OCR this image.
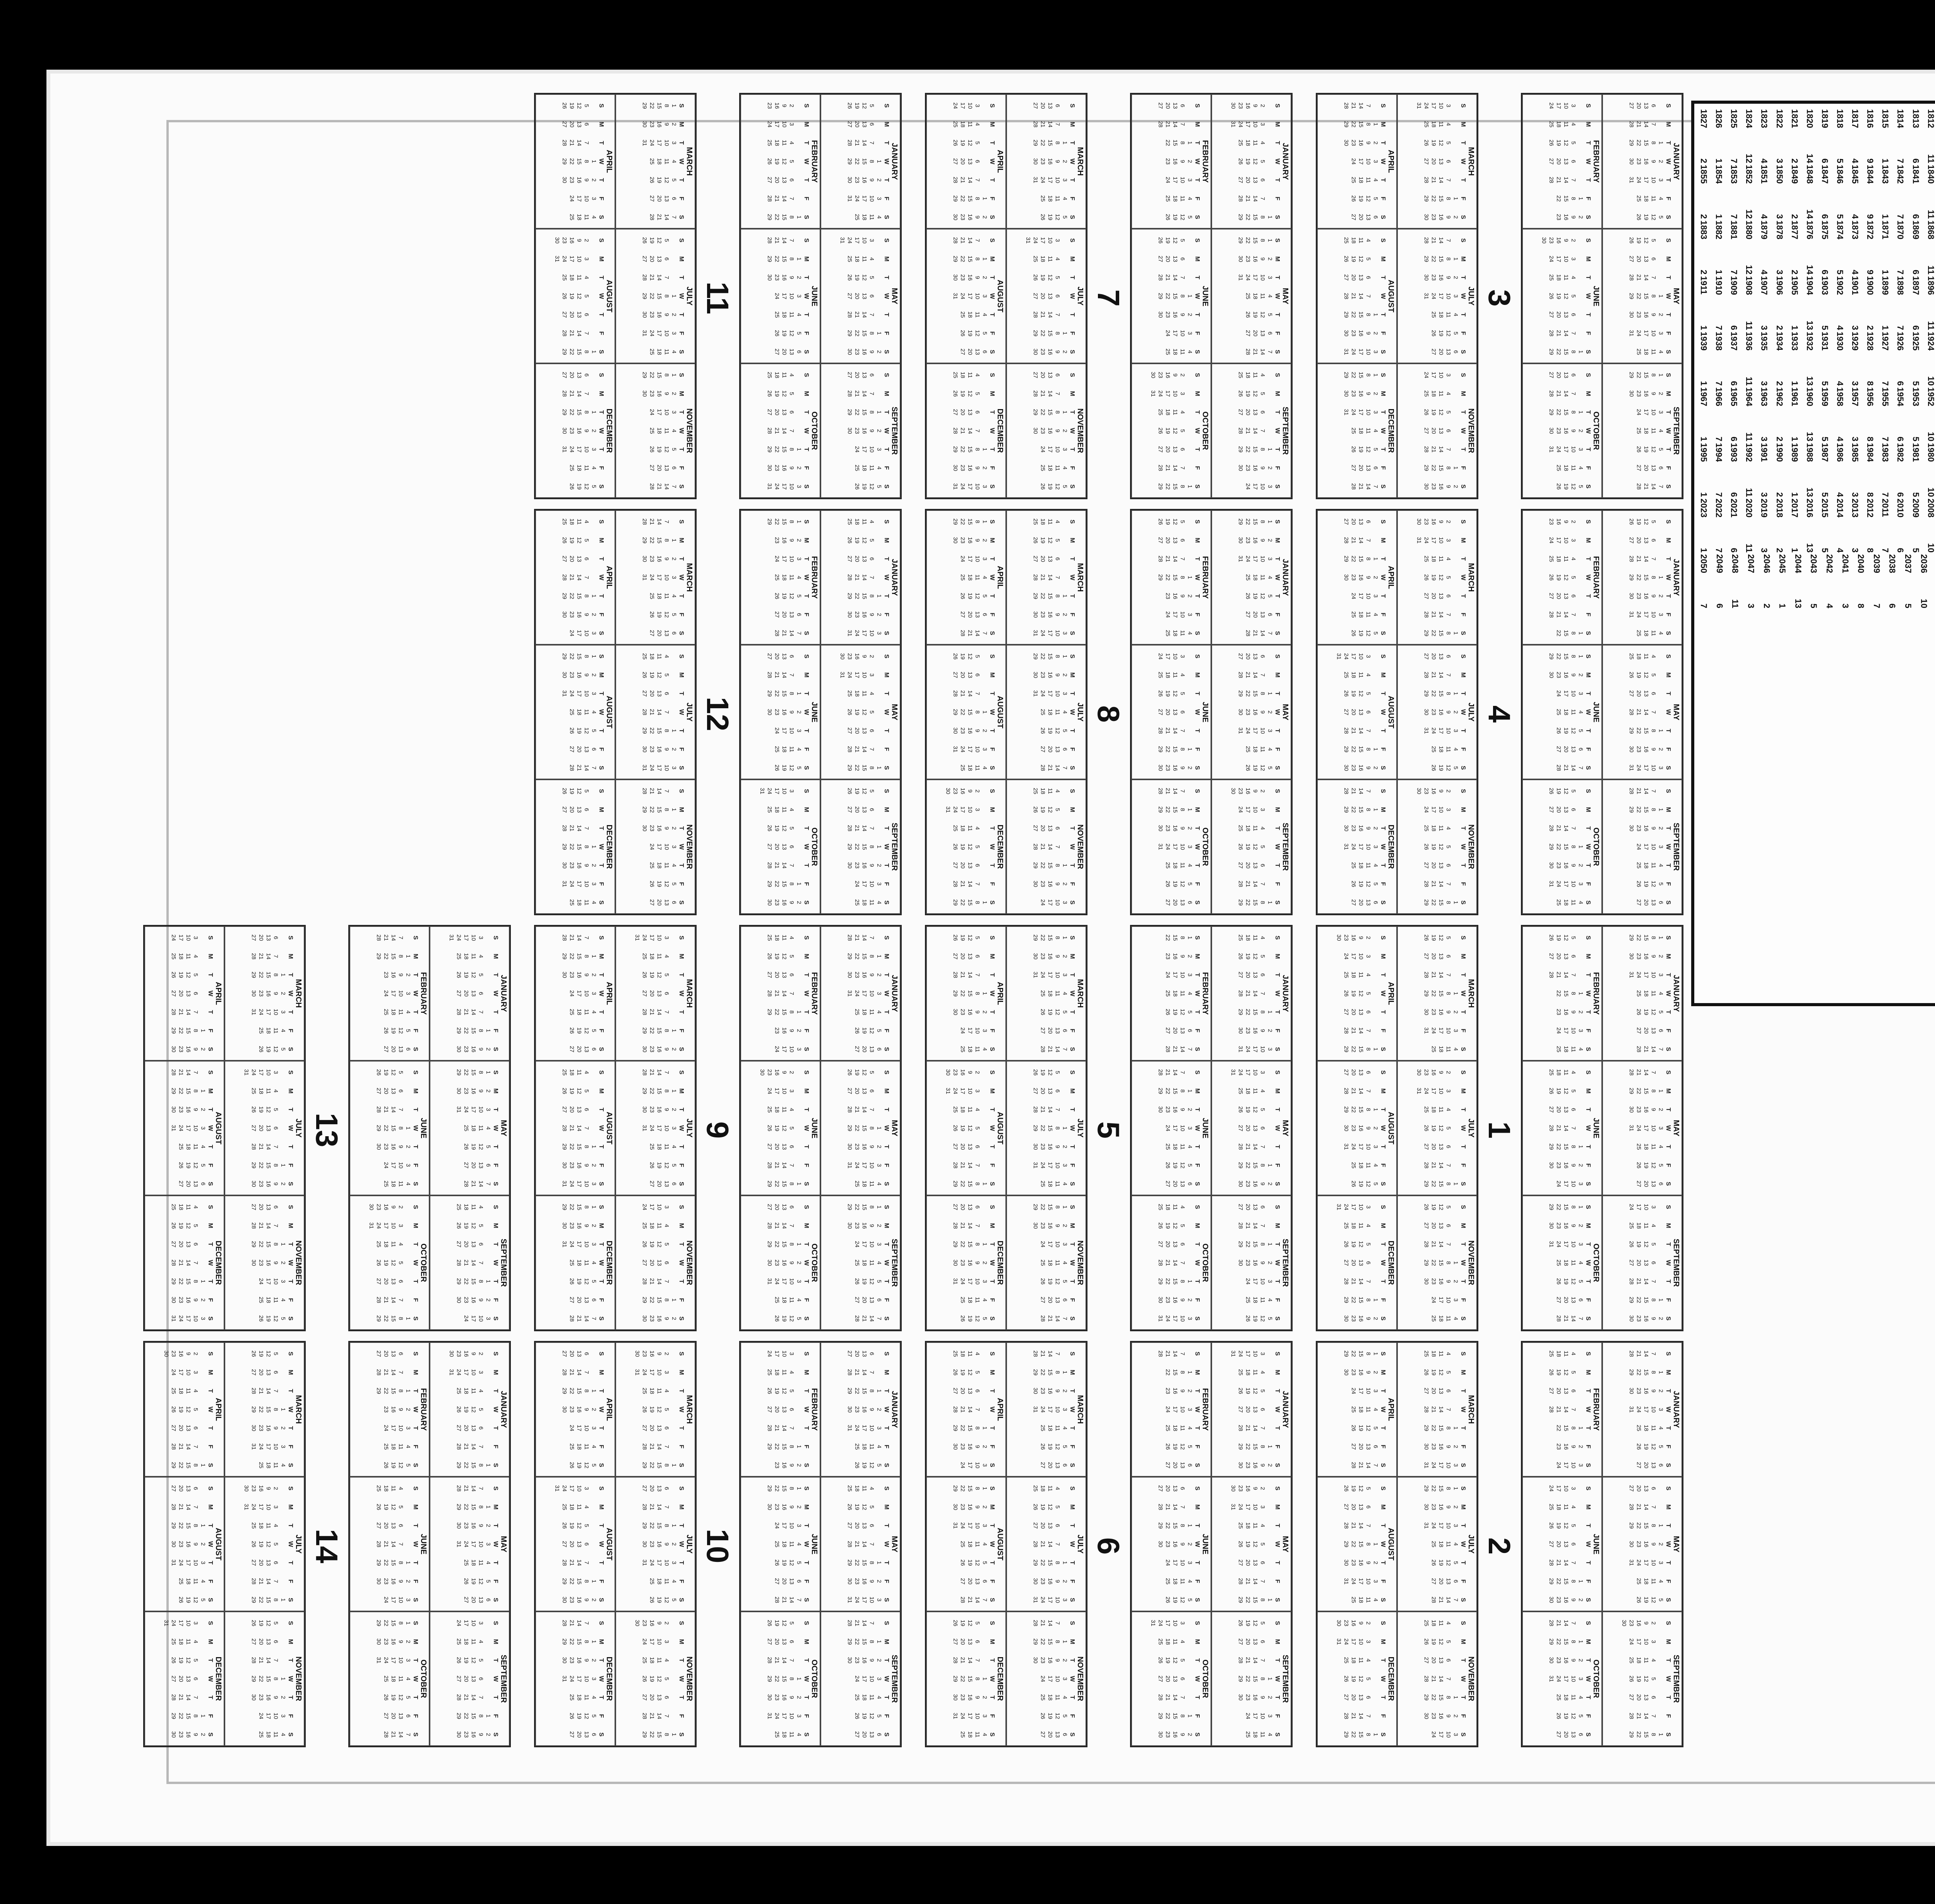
1812
11
1813
6
1814
7
1815
1
1816
9
1817
4
1818
5
1819
6
1820
14
1821
2
1822
3
1823
4
1824
12
1825
7
1826
1
1827
2
1840
11
1841
6
1842
7
1843
1
1844
9
1845
4
1846
5
1847
6
1848
14
1849
2
1850
3
1851
4
1852
12
1853
7
1854
1
1855
2
1868
11
1869
6
1870
7
1871
1
1872
9
1873
4
1874
5
1875
6
1876
14
1877
2
1878
3
1879
4
1880
12
1881
7
1882
1
1883
2
1896
11
1897
6
1898
7
1899
1
1900
2
1901
3
1902
4
1903
5
1904
13
1905
1
1906
2
1907
3
1908
11
1909
6
1910
7
1911
1
1924
10
1925
5
1926
6
1927
7
1928
8
1929
3
1930
4
1931
5
1932
13
1933
1
1934
2
1935
3
1936
11
1937
6
1938
7
1939
1
1952
10
1953
5
1954
6
1955
7
1956
8
1957
3
1958
4
1959
5
1960
13
1961
1
1962
2
1963
3
1964
11
1965
6
1966
7
1967
1
1980
10
1981
5
1982
6
1983
7
1984
8
1985
3
1986
4
1987
5
1988
13
1989
1
1990
2
1991
3
1992
11
1993
6
1994
7
1995
1
2008
10
2009
5
2010
6
2011
7
2012
8
2013
3
2014
4
2015
5
2016
13
2017
1
2018
2
2019
3
2020
11
2021
6
2022
7
2023
1
2036
10
2037
5
2038
6
2039
7
2040
8
2041
3
2042
4
2043
5
2044
13
2045
1
2046
2
2047
3
2048
11
2049
6
2050
7
1
JANUARY
S
M
T
W
T
F
S
1
2
3
4
5
6
7
8
9
10
11
12
13
14
15
16
17
18
19
20
21
22
23
24
25
26
27
28
29
30
31
MAY
S
M
T
W
T
F
S
1
2
3
4
5
6
7
8
9
10
11
12
13
14
15
16
17
18
19
20
21
22
23
24
25
26
27
28
29
30
31
SEPTEMBER
S
M
T
W
T
F
S
1
2
3
4
5
6
7
8
9
10
11
12
13
14
15
16
17
18
19
20
21
22
23
24
25
26
27
28
29
30
FEBRUARY
S
M
T
W
T
F
S
1
2
3
4
5
6
7
8
9
10
11
12
13
14
15
16
17
18
19
20
21
22
23
24
25
26
27
28
JUNE
S
M
T
W
T
F
S
1
2
3
4
5
6
7
8
9
10
11
12
13
14
15
16
17
18
19
20
21
22
23
24
25
26
27
28
29
30
OCTOBER
S
M
T
W
T
F
S
1
2
3
4
5
6
7
8
9
10
11
12
13
14
15
16
17
18
19
20
21
22
23
24
25
26
27
28
29
30
31
MARCH
S
M
T
W
T
F
S
1
2
3
4
5
6
7
8
9
10
11
12
13
14
15
16
17
18
19
20
21
22
23
24
25
26
27
28
29
30
31
JULY
S
M
T
W
T
F
S
1
2
3
4
5
6
7
8
9
10
11
12
13
14
15
16
17
18
19
20
21
22
23
24
25
26
27
28
29
30
31
NOVEMBER
S
M
T
W
T
F
S
1
2
3
4
5
6
7
8
9
10
11
12
13
14
15
16
17
18
19
20
21
22
23
24
25
26
27
28
29
30
APRIL
S
M
T
W
T
F
S
1
2
3
4
5
6
7
8
9
10
11
12
13
14
15
16
17
18
19
20
21
22
23
24
25
26
27
28
29
30
AUGUST
S
M
T
W
T
F
S
1
2
3
4
5
6
7
8
9
10
11
12
13
14
15
16
17
18
19
20
21
22
23
24
25
26
27
28
29
30
31
DECEMBER
S
M
T
W
T
F
S
1
2
3
4
5
6
7
8
9
10
11
12
13
14
15
16
17
18
19
20
21
22
23
24
25
26
27
28
29
30
31
2
JANUARY
S
M
T
W
T
F
S
1
2
3
4
5
6
7
8
9
10
11
12
13
14
15
16
17
18
19
20
21
22
23
24
25
26
27
28
29
30
31
MAY
S
M
T
W
T
F
S
1
2
3
4
5
6
7
8
9
10
11
12
13
14
15
16
17
18
19
20
21
22
23
24
25
26
27
28
29
30
31
SEPTEMBER
S
M
T
W
T
F
S
1
2
3
4
5
6
7
8
9
10
11
12
13
14
15
16
17
18
19
20
21
22
23
24
25
26
27
28
29
30
FEBRUARY
S
M
T
W
T
F
S
1
2
3
4
5
6
7
8
9
10
11
12
13
14
15
16
17
18
19
20
21
22
23
24
25
26
27
28
JUNE
S
M
T
W
T
F
S
1
2
3
4
5
6
7
8
9
10
11
12
13
14
15
16
17
18
19
20
21
22
23
24
25
26
27
28
29
30
OCTOBER
S
M
T
W
T
F
S
1
2
3
4
5
6
7
8
9
10
11
12
13
14
15
16
17
18
19
20
21
22
23
24
25
26
27
28
29
30
31
MARCH
S
M
T
W
T
F
S
1
2
3
4
5
6
7
8
9
10
11
12
13
14
15
16
17
18
19
20
21
22
23
24
25
26
27
28
29
30
31
JULY
S
M
T
W
T
F
S
1
2
3
4
5
6
7
8
9
10
11
12
13
14
15
16
17
18
19
20
21
22
23
24
25
26
27
28
29
30
31
NOVEMBER
S
M
T
W
T
F
S
1
2
3
4
5
6
7
8
9
10
11
12
13
14
15
16
17
18
19
20
21
22
23
24
25
26
27
28
29
30
APRIL
S
M
T
W
T
F
S
1
2
3
4
5
6
7
8
9
10
11
12
13
14
15
16
17
18
19
20
21
22
23
24
25
26
27
28
29
30
AUGUST
S
M
T
W
T
F
S
1
2
3
4
5
6
7
8
9
10
11
12
13
14
15
16
17
18
19
20
21
22
23
24
25
26
27
28
29
30
31
DECEMBER
S
M
T
W
T
F
S
1
2
3
4
5
6
7
8
9
10
11
12
13
14
15
16
17
18
19
20
21
22
23
24
25
26
27
28
29
30
31
3
JANUARY
S
M
T
W
T
F
S
1
2
3
4
5
6
7
8
9
10
11
12
13
14
15
16
17
18
19
20
21
22
23
24
25
26
27
28
29
30
31
MAY
S
M
T
W
T
F
S
1
2
3
4
5
6
7
8
9
10
11
12
13
14
15
16
17
18
19
20
21
22
23
24
25
26
27
28
29
30
31
SEPTEMBER
S
M
T
W
T
F
S
1
2
3
4
5
6
7
8
9
10
11
12
13
14
15
16
17
18
19
20
21
22
23
24
25
26
27
28
29
30
FEBRUARY
S
M
T
W
T
F
S
1
2
3
4
5
6
7
8
9
10
11
12
13
14
15
16
17
18
19
20
21
22
23
24
25
26
27
28
JUNE
S
M
T
W
T
F
S
1
2
3
4
5
6
7
8
9
10
11
12
13
14
15
16
17
18
19
20
21
22
23
24
25
26
27
28
29
30
OCTOBER
S
M
T
W
T
F
S
1
2
3
4
5
6
7
8
9
10
11
12
13
14
15
16
17
18
19
20
21
22
23
24
25
26
27
28
29
30
31
MARCH
S
M
T
W
T
F
S
1
2
3
4
5
6
7
8
9
10
11
12
13
14
15
16
17
18
19
20
21
22
23
24
25
26
27
28
29
30
31
JULY
S
M
T
W
T
F
S
1
2
3
4
5
6
7
8
9
10
11
12
13
14
15
16
17
18
19
20
21
22
23
24
25
26
27
28
29
30
31
NOVEMBER
S
M
T
W
T
F
S
1
2
3
4
5
6
7
8
9
10
11
12
13
14
15
16
17
18
19
20
21
22
23
24
25
26
27
28
29
30
APRIL
S
M
T
W
T
F
S
1
2
3
4
5
6
7
8
9
10
11
12
13
14
15
16
17
18
19
20
21
22
23
24
25
26
27
28
29
30
AUGUST
S
M
T
W
T
F
S
1
2
3
4
5
6
7
8
9
10
11
12
13
14
15
16
17
18
19
20
21
22
23
24
25
26
27
28
29
30
31
DECEMBER
S
M
T
W
T
F
S
1
2
3
4
5
6
7
8
9
10
11
12
13
14
15
16
17
18
19
20
21
22
23
24
25
26
27
28
29
30
31
4
JANUARY
S
M
T
W
T
F
S
1
2
3
4
5
6
7
8
9
10
11
12
13
14
15
16
17
18
19
20
21
22
23
24
25
26
27
28
29
30
31
MAY
S
M
T
W
T
F
S
1
2
3
4
5
6
7
8
9
10
11
12
13
14
15
16
17
18
19
20
21
22
23
24
25
26
27
28
29
30
31
SEPTEMBER
S
M
T
W
T
F
S
1
2
3
4
5
6
7
8
9
10
11
12
13
14
15
16
17
18
19
20
21
22
23
24
25
26
27
28
29
30
FEBRUARY
S
M
T
W
T
F
S
1
2
3
4
5
6
7
8
9
10
11
12
13
14
15
16
17
18
19
20
21
22
23
24
25
26
27
28
JUNE
S
M
T
W
T
F
S
1
2
3
4
5
6
7
8
9
10
11
12
13
14
15
16
17
18
19
20
21
22
23
24
25
26
27
28
29
30
OCTOBER
S
M
T
W
T
F
S
1
2
3
4
5
6
7
8
9
10
11
12
13
14
15
16
17
18
19
20
21
22
23
24
25
26
27
28
29
30
31
MARCH
S
M
T
W
T
F
S
1
2
3
4
5
6
7
8
9
10
11
12
13
14
15
16
17
18
19
20
21
22
23
24
25
26
27
28
29
30
31
JULY
S
M
T
W
T
F
S
1
2
3
4
5
6
7
8
9
10
11
12
13
14
15
16
17
18
19
20
21
22
23
24
25
26
27
28
29
30
31
NOVEMBER
S
M
T
W
T
F
S
1
2
3
4
5
6
7
8
9
10
11
12
13
14
15
16
17
18
19
20
21
22
23
24
25
26
27
28
29
30
APRIL
S
M
T
W
T
F
S
1
2
3
4
5
6
7
8
9
10
11
12
13
14
15
16
17
18
19
20
21
22
23
24
25
26
27
28
29
30
AUGUST
S
M
T
W
T
F
S
1
2
3
4
5
6
7
8
9
10
11
12
13
14
15
16
17
18
19
20
21
22
23
24
25
26
27
28
29
30
31
DECEMBER
S
M
T
W
T
F
S
1
2
3
4
5
6
7
8
9
10
11
12
13
14
15
16
17
18
19
20
21
22
23
24
25
26
27
28
29
30
31
5
JANUARY
S
M
T
W
T
F
S
1
2
3
4
5
6
7
8
9
10
11
12
13
14
15
16
17
18
19
20
21
22
23
24
25
26
27
28
29
30
31
MAY
S
M
T
W
T
F
S
1
2
3
4
5
6
7
8
9
10
11
12
13
14
15
16
17
18
19
20
21
22
23
24
25
26
27
28
29
30
31
SEPTEMBER
S
M
T
W
T
F
S
1
2
3
4
5
6
7
8
9
10
11
12
13
14
15
16
17
18
19
20
21
22
23
24
25
26
27
28
29
30
FEBRUARY
S
M
T
W
T
F
S
1
2
3
4
5
6
7
8
9
10
11
12
13
14
15
16
17
18
19
20
21
22
23
24
25
26
27
28
JUNE
S
M
T
W
T
F
S
1
2
3
4
5
6
7
8
9
10
11
12
13
14
15
16
17
18
19
20
21
22
23
24
25
26
27
28
29
30
OCTOBER
S
M
T
W
T
F
S
1
2
3
4
5
6
7
8
9
10
11
12
13
14
15
16
17
18
19
20
21
22
23
24
25
26
27
28
29
30
31
MARCH
S
M
T
W
T
F
S
1
2
3
4
5
6
7
8
9
10
11
12
13
14
15
16
17
18
19
20
21
22
23
24
25
26
27
28
29
30
31
JULY
S
M
T
W
T
F
S
1
2
3
4
5
6
7
8
9
10
11
12
13
14
15
16
17
18
19
20
21
22
23
24
25
26
27
28
29
30
31
NOVEMBER
S
M
T
W
T
F
S
1
2
3
4
5
6
7
8
9
10
11
12
13
14
15
16
17
18
19
20
21
22
23
24
25
26
27
28
29
30
APRIL
S
M
T
W
T
F
S
1
2
3
4
5
6
7
8
9
10
11
12
13
14
15
16
17
18
19
20
21
22
23
24
25
26
27
28
29
30
AUGUST
S
M
T
W
T
F
S
1
2
3
4
5
6
7
8
9
10
11
12
13
14
15
16
17
18
19
20
21
22
23
24
25
26
27
28
29
30
31
DECEMBER
S
M
T
W
T
F
S
1
2
3
4
5
6
7
8
9
10
11
12
13
14
15
16
17
18
19
20
21
22
23
24
25
26
27
28
29
30
31
6
JANUARY
S
M
T
W
T
F
S
1
2
3
4
5
6
7
8
9
10
11
12
13
14
15
16
17
18
19
20
21
22
23
24
25
26
27
28
29
30
31
MAY
S
M
T
W
T
F
S
1
2
3
4
5
6
7
8
9
10
11
12
13
14
15
16
17
18
19
20
21
22
23
24
25
26
27
28
29
30
31
SEPTEMBER
S
M
T
W
T
F
S
1
2
3
4
5
6
7
8
9
10
11
12
13
14
15
16
17
18
19
20
21
22
23
24
25
26
27
28
29
30
FEBRUARY
S
M
T
W
T
F
S
1
2
3
4
5
6
7
8
9
10
11
12
13
14
15
16
17
18
19
20
21
22
23
24
25
26
27
28
JUNE
S
M
T
W
T
F
S
1
2
3
4
5
6
7
8
9
10
11
12
13
14
15
16
17
18
19
20
21
22
23
24
25
26
27
28
29
30
OCTOBER
S
M
T
W
T
F
S
1
2
3
4
5
6
7
8
9
10
11
12
13
14
15
16
17
18
19
20
21
22
23
24
25
26
27
28
29
30
31
MARCH
S
M
T
W
T
F
S
1
2
3
4
5
6
7
8
9
10
11
12
13
14
15
16
17
18
19
20
21
22
23
24
25
26
27
28
29
30
31
JULY
S
M
T
W
T
F
S
1
2
3
4
5
6
7
8
9
10
11
12
13
14
15
16
17
18
19
20
21
22
23
24
25
26
27
28
29
30
31
NOVEMBER
S
M
T
W
T
F
S
1
2
3
4
5
6
7
8
9
10
11
12
13
14
15
16
17
18
19
20
21
22
23
24
25
26
27
28
29
30
APRIL
S
M
T
W
T
F
S
1
2
3
4
5
6
7
8
9
10
11
12
13
14
15
16
17
18
19
20
21
22
23
24
25
26
27
28
29
30
AUGUST
S
M
T
W
T
F
S
1
2
3
4
5
6
7
8
9
10
11
12
13
14
15
16
17
18
19
20
21
22
23
24
25
26
27
28
29
30
31
DECEMBER
S
M
T
W
T
F
S
1
2
3
4
5
6
7
8
9
10
11
12
13
14
15
16
17
18
19
20
21
22
23
24
25
26
27
28
29
30
31
7
JANUARY
S
M
T
W
T
F
S
1
2
3
4
5
6
7
8
9
10
11
12
13
14
15
16
17
18
19
20
21
22
23
24
25
26
27
28
29
30
31
MAY
S
M
T
W
T
F
S
1
2
3
4
5
6
7
8
9
10
11
12
13
14
15
16
17
18
19
20
21
22
23
24
25
26
27
28
29
30
31
SEPTEMBER
S
M
T
W
T
F
S
1
2
3
4
5
6
7
8
9
10
11
12
13
14
15
16
17
18
19
20
21
22
23
24
25
26
27
28
29
30
FEBRUARY
S
M
T
W
T
F
S
1
2
3
4
5
6
7
8
9
10
11
12
13
14
15
16
17
18
19
20
21
22
23
24
25
26
27
28
JUNE
S
M
T
W
T
F
S
1
2
3
4
5
6
7
8
9
10
11
12
13
14
15
16
17
18
19
20
21
22
23
24
25
26
27
28
29
30
OCTOBER
S
M
T
W
T
F
S
1
2
3
4
5
6
7
8
9
10
11
12
13
14
15
16
17
18
19
20
21
22
23
24
25
26
27
28
29
30
31
MARCH
S
M
T
W
T
F
S
1
2
3
4
5
6
7
8
9
10
11
12
13
14
15
16
17
18
19
20
21
22
23
24
25
26
27
28
29
30
31
JULY
S
M
T
W
T
F
S
1
2
3
4
5
6
7
8
9
10
11
12
13
14
15
16
17
18
19
20
21
22
23
24
25
26
27
28
29
30
31
NOVEMBER
S
M
T
W
T
F
S
1
2
3
4
5
6
7
8
9
10
11
12
13
14
15
16
17
18
19
20
21
22
23
24
25
26
27
28
29
30
APRIL
S
M
T
W
T
F
S
1
2
3
4
5
6
7
8
9
10
11
12
13
14
15
16
17
18
19
20
21
22
23
24
25
26
27
28
29
30
AUGUST
S
M
T
W
T
F
S
1
2
3
4
5
6
7
8
9
10
11
12
13
14
15
16
17
18
19
20
21
22
23
24
25
26
27
28
29
30
31
DECEMBER
S
M
T
W
T
F
S
1
2
3
4
5
6
7
8
9
10
11
12
13
14
15
16
17
18
19
20
21
22
23
24
25
26
27
28
29
30
31
8
JANUARY
S
M
T
W
T
F
S
1
2
3
4
5
6
7
8
9
10
11
12
13
14
15
16
17
18
19
20
21
22
23
24
25
26
27
28
29
30
31
MAY
S
M
T
W
T
F
S
1
2
3
4
5
6
7
8
9
10
11
12
13
14
15
16
17
18
19
20
21
22
23
24
25
26
27
28
29
30
31
SEPTEMBER
S
M
T
W
T
F
S
1
2
3
4
5
6
7
8
9
10
11
12
13
14
15
16
17
18
19
20
21
22
23
24
25
26
27
28
29
30
FEBRUARY
S
M
T
W
T
F
S
1
2
3
4
5
6
7
8
9
10
11
12
13
14
15
16
17
18
19
20
21
22
23
24
25
26
27
28
29
JUNE
S
M
T
W
T
F
S
1
2
3
4
5
6
7
8
9
10
11
12
13
14
15
16
17
18
19
20
21
22
23
24
25
26
27
28
29
30
OCTOBER
S
M
T
W
T
F
S
1
2
3
4
5
6
7
8
9
10
11
12
13
14
15
16
17
18
19
20
21
22
23
24
25
26
27
28
29
30
31
MARCH
S
M
T
W
T
F
S
1
2
3
4
5
6
7
8
9
10
11
12
13
14
15
16
17
18
19
20
21
22
23
24
25
26
27
28
29
30
31
JULY
S
M
T
W
T
F
S
1
2
3
4
5
6
7
8
9
10
11
12
13
14
15
16
17
18
19
20
21
22
23
24
25
26
27
28
29
30
31
NOVEMBER
S
M
T
W
T
F
S
1
2
3
4
5
6
7
8
9
10
11
12
13
14
15
16
17
18
19
20
21
22
23
24
25
26
27
28
29
30
APRIL
S
M
T
W
T
F
S
1
2
3
4
5
6
7
8
9
10
11
12
13
14
15
16
17
18
19
20
21
22
23
24
25
26
27
28
29
30
AUGUST
S
M
T
W
T
F
S
1
2
3
4
5
6
7
8
9
10
11
12
13
14
15
16
17
18
19
20
21
22
23
24
25
26
27
28
29
30
31
DECEMBER
S
M
T
W
T
F
S
1
2
3
4
5
6
7
8
9
10
11
12
13
14
15
16
17
18
19
20
21
22
23
24
25
26
27
28
29
30
31
9
JANUARY
S
M
T
W
T
F
S
1
2
3
4
5
6
7
8
9
10
11
12
13
14
15
16
17
18
19
20
21
22
23
24
25
26
27
28
29
30
31
MAY
S
M
T
W
T
F
S
1
2
3
4
5
6
7
8
9
10
11
12
13
14
15
16
17
18
19
20
21
22
23
24
25
26
27
28
29
30
31
SEPTEMBER
S
M
T
W
T
F
S
1
2
3
4
5
6
7
8
9
10
11
12
13
14
15
16
17
18
19
20
21
22
23
24
25
26
27
28
29
30
FEBRUARY
S
M
T
W
T
F
S
1
2
3
4
5
6
7
8
9
10
11
12
13
14
15
16
17
18
19
20
21
22
23
24
25
26
27
28
29
JUNE
S
M
T
W
T
F
S
1
2
3
4
5
6
7
8
9
10
11
12
13
14
15
16
17
18
19
20
21
22
23
24
25
26
27
28
29
30
OCTOBER
S
M
T
W
T
F
S
1
2
3
4
5
6
7
8
9
10
11
12
13
14
15
16
17
18
19
20
21
22
23
24
25
26
27
28
29
30
31
MARCH
S
M
T
W
T
F
S
1
2
3
4
5
6
7
8
9
10
11
12
13
14
15
16
17
18
19
20
21
22
23
24
25
26
27
28
29
30
31
JULY
S
M
T
W
T
F
S
1
2
3
4
5
6
7
8
9
10
11
12
13
14
15
16
17
18
19
20
21
22
23
24
25
26
27
28
29
30
31
NOVEMBER
S
M
T
W
T
F
S
1
2
3
4
5
6
7
8
9
10
11
12
13
14
15
16
17
18
19
20
21
22
23
24
25
26
27
28
29
30
APRIL
S
M
T
W
T
F
S
1
2
3
4
5
6
7
8
9
10
11
12
13
14
15
16
17
18
19
20
21
22
23
24
25
26
27
28
29
30
AUGUST
S
M
T
W
T
F
S
1
2
3
4
5
6
7
8
9
10
11
12
13
14
15
16
17
18
19
20
21
22
23
24
25
26
27
28
29
30
31
DECEMBER
S
M
T
W
T
F
S
1
2
3
4
5
6
7
8
9
10
11
12
13
14
15
16
17
18
19
20
21
22
23
24
25
26
27
28
29
30
31
10
JANUARY
S
M
T
W
T
F
S
1
2
3
4
5
6
7
8
9
10
11
12
13
14
15
16
17
18
19
20
21
22
23
24
25
26
27
28
29
30
31
MAY
S
M
T
W
T
F
S
1
2
3
4
5
6
7
8
9
10
11
12
13
14
15
16
17
18
19
20
21
22
23
24
25
26
27
28
29
30
31
SEPTEMBER
S
M
T
W
T
F
S
1
2
3
4
5
6
7
8
9
10
11
12
13
14
15
16
17
18
19
20
21
22
23
24
25
26
27
28
29
30
FEBRUARY
S
M
T
W
T
F
S
1
2
3
4
5
6
7
8
9
10
11
12
13
14
15
16
17
18
19
20
21
22
23
24
25
26
27
28
29
JUNE
S
M
T
W
T
F
S
1
2
3
4
5
6
7
8
9
10
11
12
13
14
15
16
17
18
19
20
21
22
23
24
25
26
27
28
29
30
OCTOBER
S
M
T
W
T
F
S
1
2
3
4
5
6
7
8
9
10
11
12
13
14
15
16
17
18
19
20
21
22
23
24
25
26
27
28
29
30
31
MARCH
S
M
T
W
T
F
S
1
2
3
4
5
6
7
8
9
10
11
12
13
14
15
16
17
18
19
20
21
22
23
24
25
26
27
28
29
30
31
JULY
S
M
T
W
T
F
S
1
2
3
4
5
6
7
8
9
10
11
12
13
14
15
16
17
18
19
20
21
22
23
24
25
26
27
28
29
30
31
NOVEMBER
S
M
T
W
T
F
S
1
2
3
4
5
6
7
8
9
10
11
12
13
14
15
16
17
18
19
20
21
22
23
24
25
26
27
28
29
30
APRIL
S
M
T
W
T
F
S
1
2
3
4
5
6
7
8
9
10
11
12
13
14
15
16
17
18
19
20
21
22
23
24
25
26
27
28
29
30
AUGUST
S
M
T
W
T
F
S
1
2
3
4
5
6
7
8
9
10
11
12
13
14
15
16
17
18
19
20
21
22
23
24
25
26
27
28
29
30
31
DECEMBER
S
M
T
W
T
F
S
1
2
3
4
5
6
7
8
9
10
11
12
13
14
15
16
17
18
19
20
21
22
23
24
25
26
27
28
29
30
31
11
JANUARY
S
M
T
W
T
F
S
1
2
3
4
5
6
7
8
9
10
11
12
13
14
15
16
17
18
19
20
21
22
23
24
25
26
27
28
29
30
31
MAY
S
M
T
W
T
F
S
1
2
3
4
5
6
7
8
9
10
11
12
13
14
15
16
17
18
19
20
21
22
23
24
25
26
27
28
29
30
31
SEPTEMBER
S
M
T
W
T
F
S
1
2
3
4
5
6
7
8
9
10
11
12
13
14
15
16
17
18
19
20
21
22
23
24
25
26
27
28
29
30
FEBRUARY
S
M
T
W
T
F
S
1
2
3
4
5
6
7
8
9
10
11
12
13
14
15
16
17
18
19
20
21
22
23
24
25
26
27
28
29
JUNE
S
M
T
W
T
F
S
1
2
3
4
5
6
7
8
9
10
11
12
13
14
15
16
17
18
19
20
21
22
23
24
25
26
27
28
29
30
OCTOBER
S
M
T
W
T
F
S
1
2
3
4
5
6
7
8
9
10
11
12
13
14
15
16
17
18
19
20
21
22
23
24
25
26
27
28
29
30
31
MARCH
S
M
T
W
T
F
S
1
2
3
4
5
6
7
8
9
10
11
12
13
14
15
16
17
18
19
20
21
22
23
24
25
26
27
28
29
30
31
JULY
S
M
T
W
T
F
S
1
2
3
4
5
6
7
8
9
10
11
12
13
14
15
16
17
18
19
20
21
22
23
24
25
26
27
28
29
30
31
NOVEMBER
S
M
T
W
T
F
S
1
2
3
4
5
6
7
8
9
10
11
12
13
14
15
16
17
18
19
20
21
22
23
24
25
26
27
28
29
30
APRIL
S
M
T
W
T
F
S
1
2
3
4
5
6
7
8
9
10
11
12
13
14
15
16
17
18
19
20
21
22
23
24
25
26
27
28
29
30
AUGUST
S
M
T
W
T
F
S
1
2
3
4
5
6
7
8
9
10
11
12
13
14
15
16
17
18
19
20
21
22
23
24
25
26
27
28
29
30
31
DECEMBER
S
M
T
W
T
F
S
1
2
3
4
5
6
7
8
9
10
11
12
13
14
15
16
17
18
19
20
21
22
23
24
25
26
27
28
29
30
31
12
JANUARY
S
M
T
W
T
F
S
1
2
3
4
5
6
7
8
9
10
11
12
13
14
15
16
17
18
19
20
21
22
23
24
25
26
27
28
29
30
31
MAY
S
M
T
W
T
F
S
1
2
3
4
5
6
7
8
9
10
11
12
13
14
15
16
17
18
19
20
21
22
23
24
25
26
27
28
29
30
31
SEPTEMBER
S
M
T
W
T
F
S
1
2
3
4
5
6
7
8
9
10
11
12
13
14
15
16
17
18
19
20
21
22
23
24
25
26
27
28
29
30
FEBRUARY
S
M
T
W
T
F
S
1
2
3
4
5
6
7
8
9
10
11
12
13
14
15
16
17
18
19
20
21
22
23
24
25
26
27
28
29
JUNE
S
M
T
W
T
F
S
1
2
3
4
5
6
7
8
9
10
11
12
13
14
15
16
17
18
19
20
21
22
23
24
25
26
27
28
29
30
OCTOBER
S
M
T
W
T
F
S
1
2
3
4
5
6
7
8
9
10
11
12
13
14
15
16
17
18
19
20
21
22
23
24
25
26
27
28
29
30
31
MARCH
S
M
T
W
T
F
S
1
2
3
4
5
6
7
8
9
10
11
12
13
14
15
16
17
18
19
20
21
22
23
24
25
26
27
28
29
30
31
JULY
S
M
T
W
T
F
S
1
2
3
4
5
6
7
8
9
10
11
12
13
14
15
16
17
18
19
20
21
22
23
24
25
26
27
28
29
30
31
NOVEMBER
S
M
T
W
T
F
S
1
2
3
4
5
6
7
8
9
10
11
12
13
14
15
16
17
18
19
20
21
22
23
24
25
26
27
28
29
30
APRIL
S
M
T
W
T
F
S
1
2
3
4
5
6
7
8
9
10
11
12
13
14
15
16
17
18
19
20
21
22
23
24
25
26
27
28
29
30
AUGUST
S
M
T
W
T
F
S
1
2
3
4
5
6
7
8
9
10
11
12
13
14
15
16
17
18
19
20
21
22
23
24
25
26
27
28
29
30
31
DECEMBER
S
M
T
W
T
F
S
1
2
3
4
5
6
7
8
9
10
11
12
13
14
15
16
17
18
19
20
21
22
23
24
25
26
27
28
29
30
31
13
JANUARY
S
M
T
W
T
F
S
1
2
3
4
5
6
7
8
9
10
11
12
13
14
15
16
17
18
19
20
21
22
23
24
25
26
27
28
29
30
31
MAY
S
M
T
W
T
F
S
1
2
3
4
5
6
7
8
9
10
11
12
13
14
15
16
17
18
19
20
21
22
23
24
25
26
27
28
29
30
31
SEPTEMBER
S
M
T
W
T
F
S
1
2
3
4
5
6
7
8
9
10
11
12
13
14
15
16
17
18
19
20
21
22
23
24
25
26
27
28
29
30
FEBRUARY
S
M
T
W
T
F
S
1
2
3
4
5
6
7
8
9
10
11
12
13
14
15
16
17
18
19
20
21
22
23
24
25
26
27
28
29
JUNE
S
M
T
W
T
F
S
1
2
3
4
5
6
7
8
9
10
11
12
13
14
15
16
17
18
19
20
21
22
23
24
25
26
27
28
29
30
OCTOBER
S
M
T
W
T
F
S
1
2
3
4
5
6
7
8
9
10
11
12
13
14
15
16
17
18
19
20
21
22
23
24
25
26
27
28
29
30
31
MARCH
S
M
T
W
T
F
S
1
2
3
4
5
6
7
8
9
10
11
12
13
14
15
16
17
18
19
20
21
22
23
24
25
26
27
28
29
30
31
JULY
S
M
T
W
T
F
S
1
2
3
4
5
6
7
8
9
10
11
12
13
14
15
16
17
18
19
20
21
22
23
24
25
26
27
28
29
30
31
NOVEMBER
S
M
T
W
T
F
S
1
2
3
4
5
6
7
8
9
10
11
12
13
14
15
16
17
18
19
20
21
22
23
24
25
26
27
28
29
30
APRIL
S
M
T
W
T
F
S
1
2
3
4
5
6
7
8
9
10
11
12
13
14
15
16
17
18
19
20
21
22
23
24
25
26
27
28
29
30
AUGUST
S
M
T
W
T
F
S
1
2
3
4
5
6
7
8
9
10
11
12
13
14
15
16
17
18
19
20
21
22
23
24
25
26
27
28
29
30
31
DECEMBER
S
M
T
W
T
F
S
1
2
3
4
5
6
7
8
9
10
11
12
13
14
15
16
17
18
19
20
21
22
23
24
25
26
27
28
29
30
31
14
JANUARY
S
M
T
W
T
F
S
1
2
3
4
5
6
7
8
9
10
11
12
13
14
15
16
17
18
19
20
21
22
23
24
25
26
27
28
29
30
31
MAY
S
M
T
W
T
F
S
1
2
3
4
5
6
7
8
9
10
11
12
13
14
15
16
17
18
19
20
21
22
23
24
25
26
27
28
29
30
31
SEPTEMBER
S
M
T
W
T
F
S
1
2
3
4
5
6
7
8
9
10
11
12
13
14
15
16
17
18
19
20
21
22
23
24
25
26
27
28
29
30
FEBRUARY
S
M
T
W
T
F
S
1
2
3
4
5
6
7
8
9
10
11
12
13
14
15
16
17
18
19
20
21
22
23
24
25
26
27
28
29
JUNE
S
M
T
W
T
F
S
1
2
3
4
5
6
7
8
9
10
11
12
13
14
15
16
17
18
19
20
21
22
23
24
25
26
27
28
29
30
OCTOBER
S
M
T
W
T
F
S
1
2
3
4
5
6
7
8
9
10
11
12
13
14
15
16
17
18
19
20
21
22
23
24
25
26
27
28
29
30
31
MARCH
S
M
T
W
T
F
S
1
2
3
4
5
6
7
8
9
10
11
12
13
14
15
16
17
18
19
20
21
22
23
24
25
26
27
28
29
30
31
JULY
S
M
T
W
T
F
S
1
2
3
4
5
6
7
8
9
10
11
12
13
14
15
16
17
18
19
20
21
22
23
24
25
26
27
28
29
30
31
NOVEMBER
S
M
T
W
T
F
S
1
2
3
4
5
6
7
8
9
10
11
12
13
14
15
16
17
18
19
20
21
22
23
24
25
26
27
28
29
30
APRIL
S
M
T
W
T
F
S
1
2
3
4
5
6
7
8
9
10
11
12
13
14
15
16
17
18
19
20
21
22
23
24
25
26
27
28
29
30
AUGUST
S
M
T
W
T
F
S
1
2
3
4
5
6
7
8
9
10
11
12
13
14
15
16
17
18
19
20
21
22
23
24
25
26
27
28
29
30
31
DECEMBER
S
M
T
W
T
F
S
1
2
3
4
5
6
7
8
9
10
11
12
13
14
15
16
17
18
19
20
21
22
23
24
25
26
27
28
29
30
31
